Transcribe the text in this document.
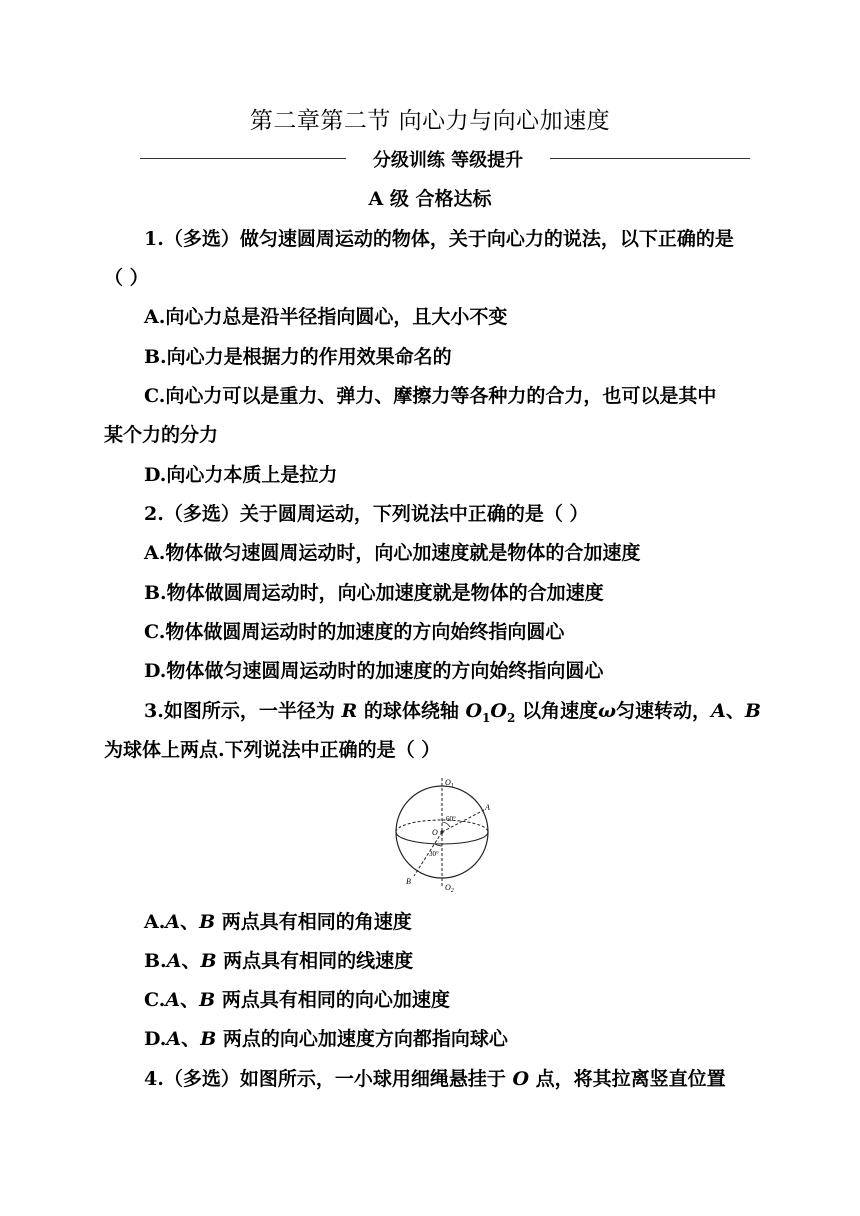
第二章第二节 向心力与向心加速度
分级训练 等级提升
A 级 合格达标
1.（多选）做匀速圆周运动的物体，关于向心力的说法，以下正确的是
（ ）
A.向心力总是沿半径指向圆心，且大小不变
B.向心力是根据力的作用效果命名的
C.向心力可以是重力、弹力、摩擦力等各种力的合力，也可以是其中
某个力的分力
D.向心力本质上是拉力
2.（多选）关于圆周运动，下列说法中正确的是（ ）
A.物体做匀速圆周运动时，向心加速度就是物体的合加速度
B.物体做圆周运动时，向心加速度就是物体的合加速度
C.物体做圆周运动时的加速度的方向始终指向圆心
D.物体做匀速圆周运动时的加速度的方向始终指向圆心
3.如图所示，一半径为 R 的球体绕轴 $O_1O_2$ 以角速度ω匀速转动，A、B
为球体上两点.下列说法中正确的是（ ）
$O_1$
$O_2$
O
A
B
60°
30°
A.A、B 两点具有相同的角速度
B.A、B 两点具有相同的线速度
C.A、B 两点具有相同的向心加速度
D.A、B 两点的向心加速度方向都指向球心
4.（多选）如图所示，一小球用细绳悬挂于 O 点，将其拉离竖直位置
